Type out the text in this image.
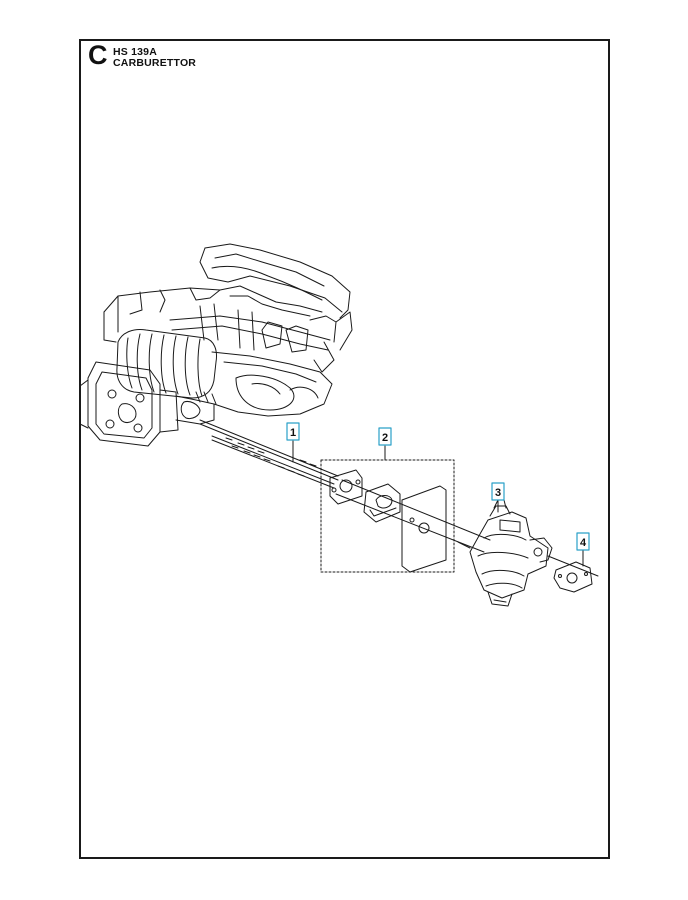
C HS 139A
CARBURETTOR
1	2
3
4
